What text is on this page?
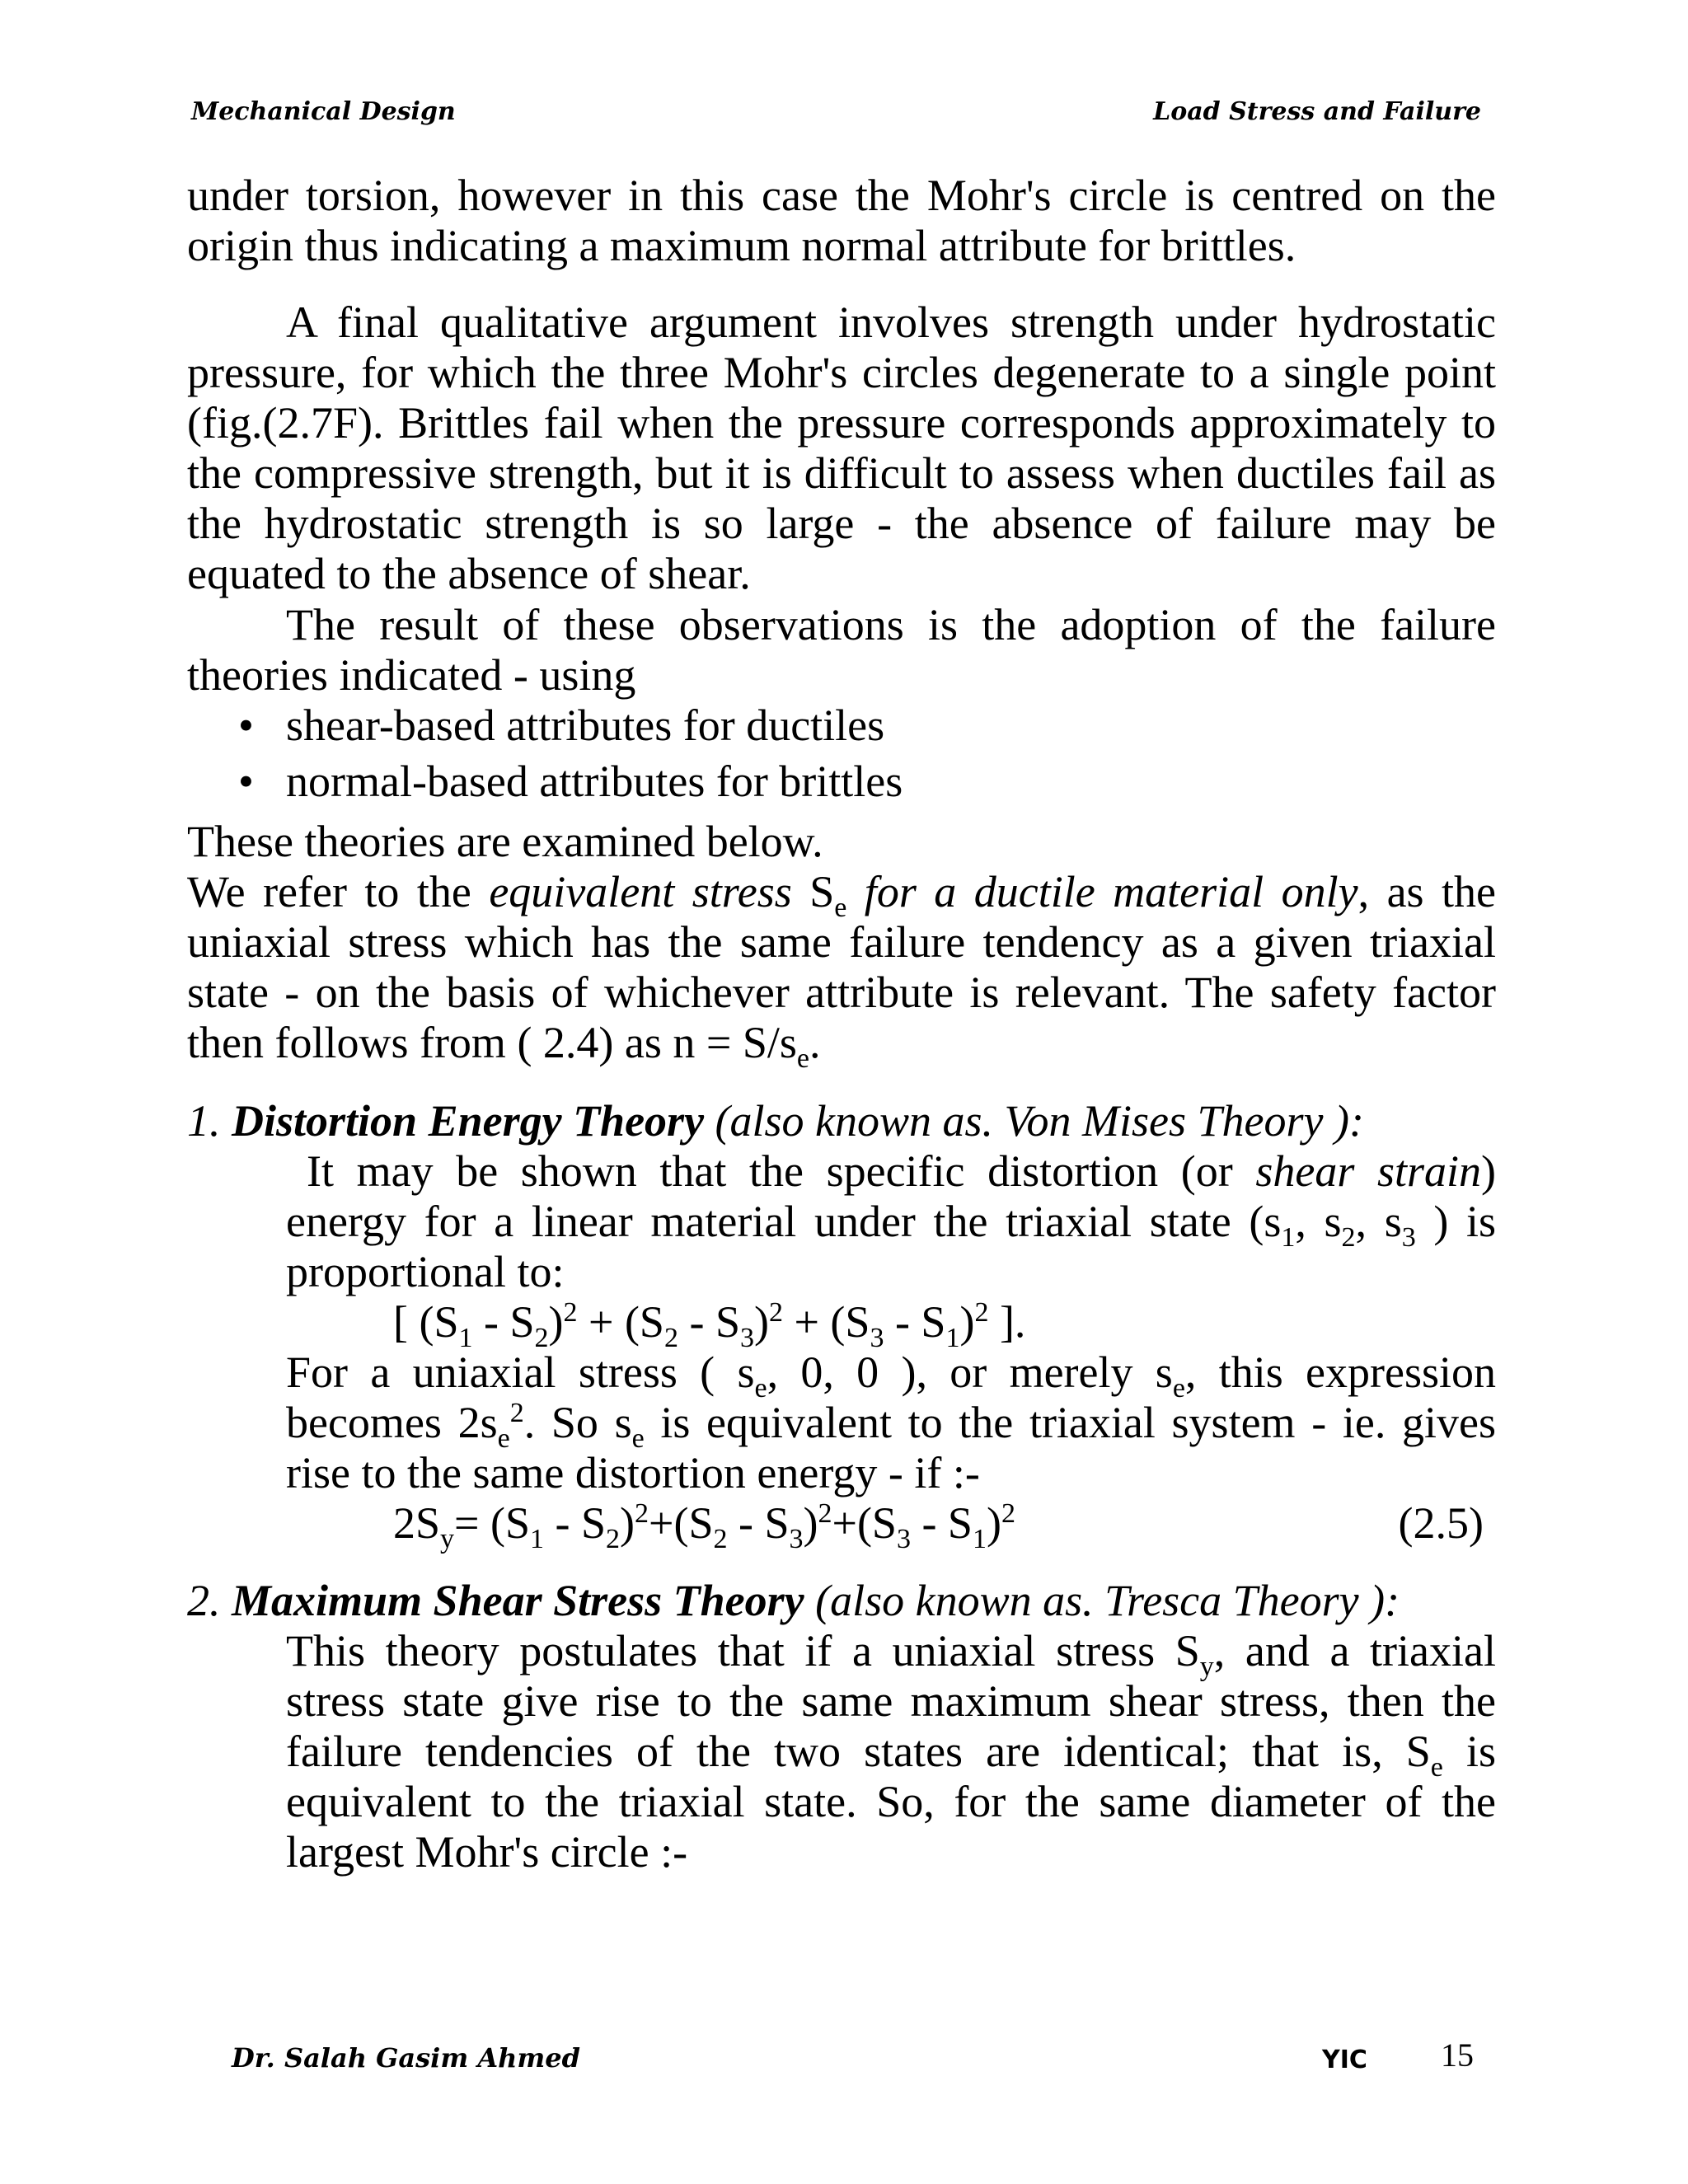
Mechanical Design	Load Stress and Failure

under torsion, however in this case the Mohr's circle is centred on the origin thus indicating a maximum normal attribute for brittles.

A final qualitative argument involves strength under hydrostatic pressure, for which the three Mohr's circles degenerate to a single point (fig.(2.7F). Brittles fail when the pressure corresponds approximately to the compressive strength, but it is difficult to assess when ductiles fail as the hydrostatic strength is so large - the absence of failure may be equated to the absence of shear.

The result of these observations is the adoption of the failure theories indicated - using

• shear-based attributes for ductiles
• normal-based attributes for brittles

These theories are examined below.

We refer to the equivalent stress $S_e$ for a ductile material only, as the uniaxial stress which has the same failure tendency as a given triaxial state - on the basis of whichever attribute is relevant. The safety factor then follows from ( 2.4) as $n = S/s_e$.

1. Distortion Energy Theory (also known as. Von Mises Theory ):

It may be shown that the specific distortion (or shear strain) energy for a linear material under the triaxial state ($s_1$, $s_2$, $s_3$ ) is proportional to:

[ $(S_1 - S_2)^2 + (S_2 - S_3)^2 + (S_3 - S_1)^2$ ].

For a uniaxial stress ( $s_e$, 0, 0 ), or merely $s_e$, this expression becomes $2s_e^2$. So $s_e$ is equivalent to the triaxial system - ie. gives rise to the same distortion energy - if :-

$2S_y= (S_1 - S_2)^2+(S_2 - S_3)^2+(S_3 - S_1)^2$	(2.5)

2. Maximum Shear Stress Theory (also known as. Tresca Theory ):

This theory postulates that if a uniaxial stress $S_y$, and a triaxial stress state give rise to the same maximum shear stress, then the failure tendencies of the two states are identical; that is, $S_e$ is equivalent to the triaxial state. So, for the same diameter of the largest Mohr's circle :-

Dr. Salah Gasim Ahmed	YIC 15
